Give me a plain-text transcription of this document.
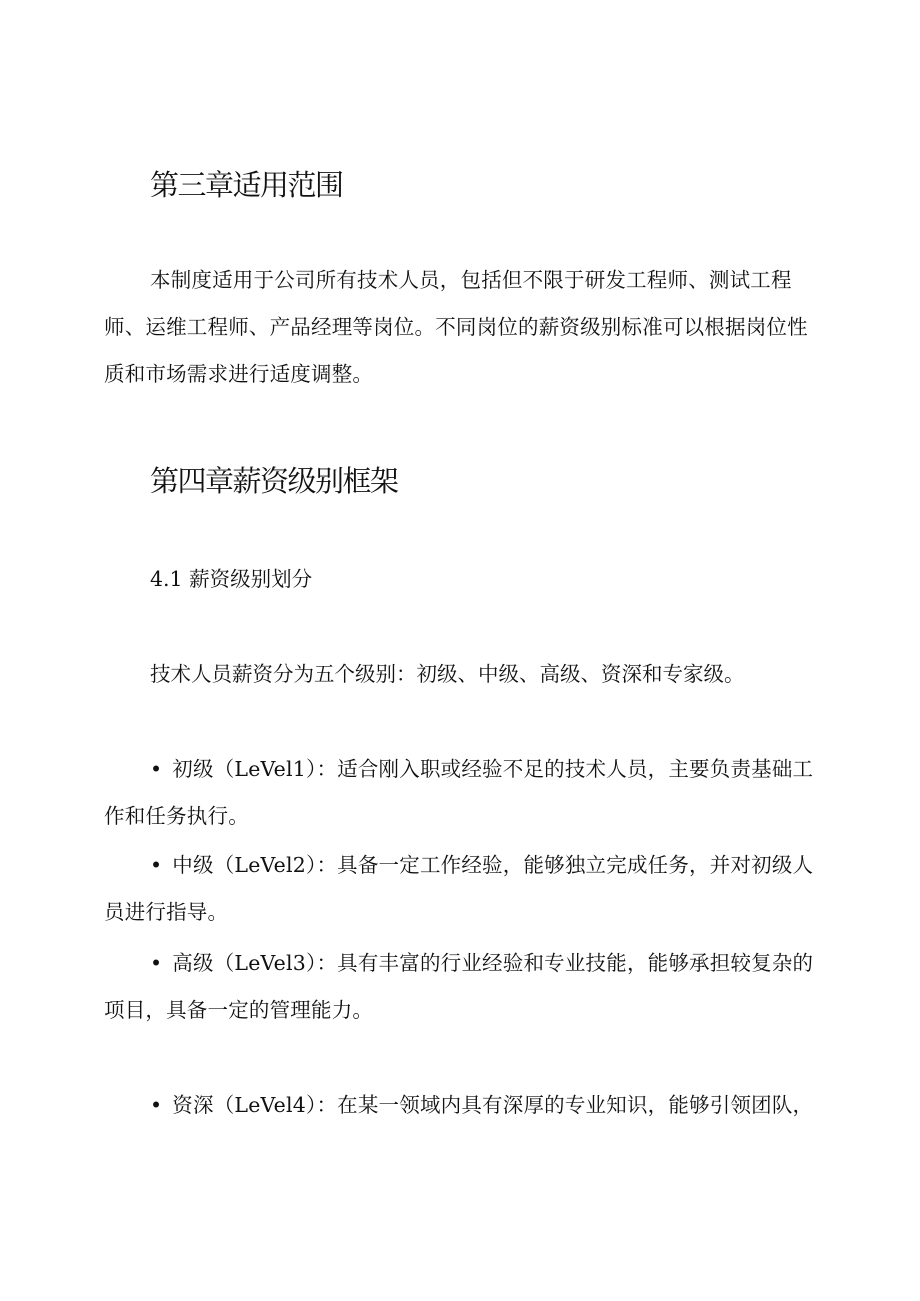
第三章适用范围

本制度适用于公司所有技术人员，包括但不限于研发工程师、测试工程师、运维工程师、产品经理等岗位。不同岗位的薪资级别标准可以根据岗位性质和市场需求进行适度调整。

第四章薪资级别框架

4.1 薪资级别划分

技术人员薪资分为五个级别：初级、中级、高级、资深和专家级。

• 初级（LeVel1）：适合刚入职或经验不足的技术人员，主要负责基础工作和任务执行。

• 中级（LeVel2）：具备一定工作经验，能够独立完成任务，并对初级人员进行指导。

• 高级（LeVel3）：具有丰富的行业经验和专业技能，能够承担较复杂的项目，具备一定的管理能力。

• 资深（LeVel4）：在某一领域内具有深厚的专业知识，能够引领团队，
